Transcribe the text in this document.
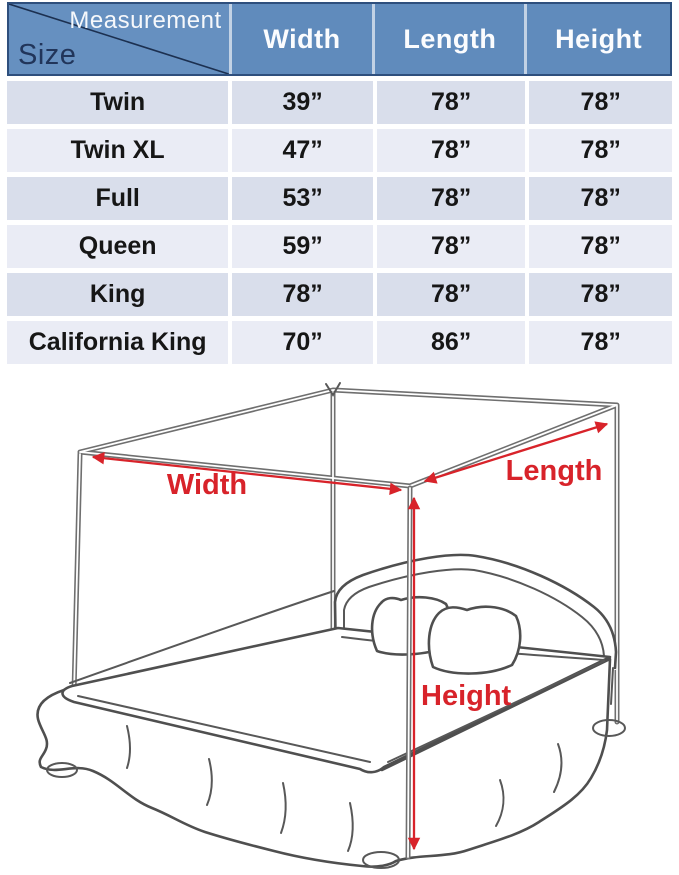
Measurement
Size
Width	Length	Height
Twin	39”	78”	78”
Twin XL	47”	78”	78”
Full	53”	78”	78”
Queen	59”	78”	78”
King	78”	78”	78”
California King	70”	86”	78”
Width	Length
Height
